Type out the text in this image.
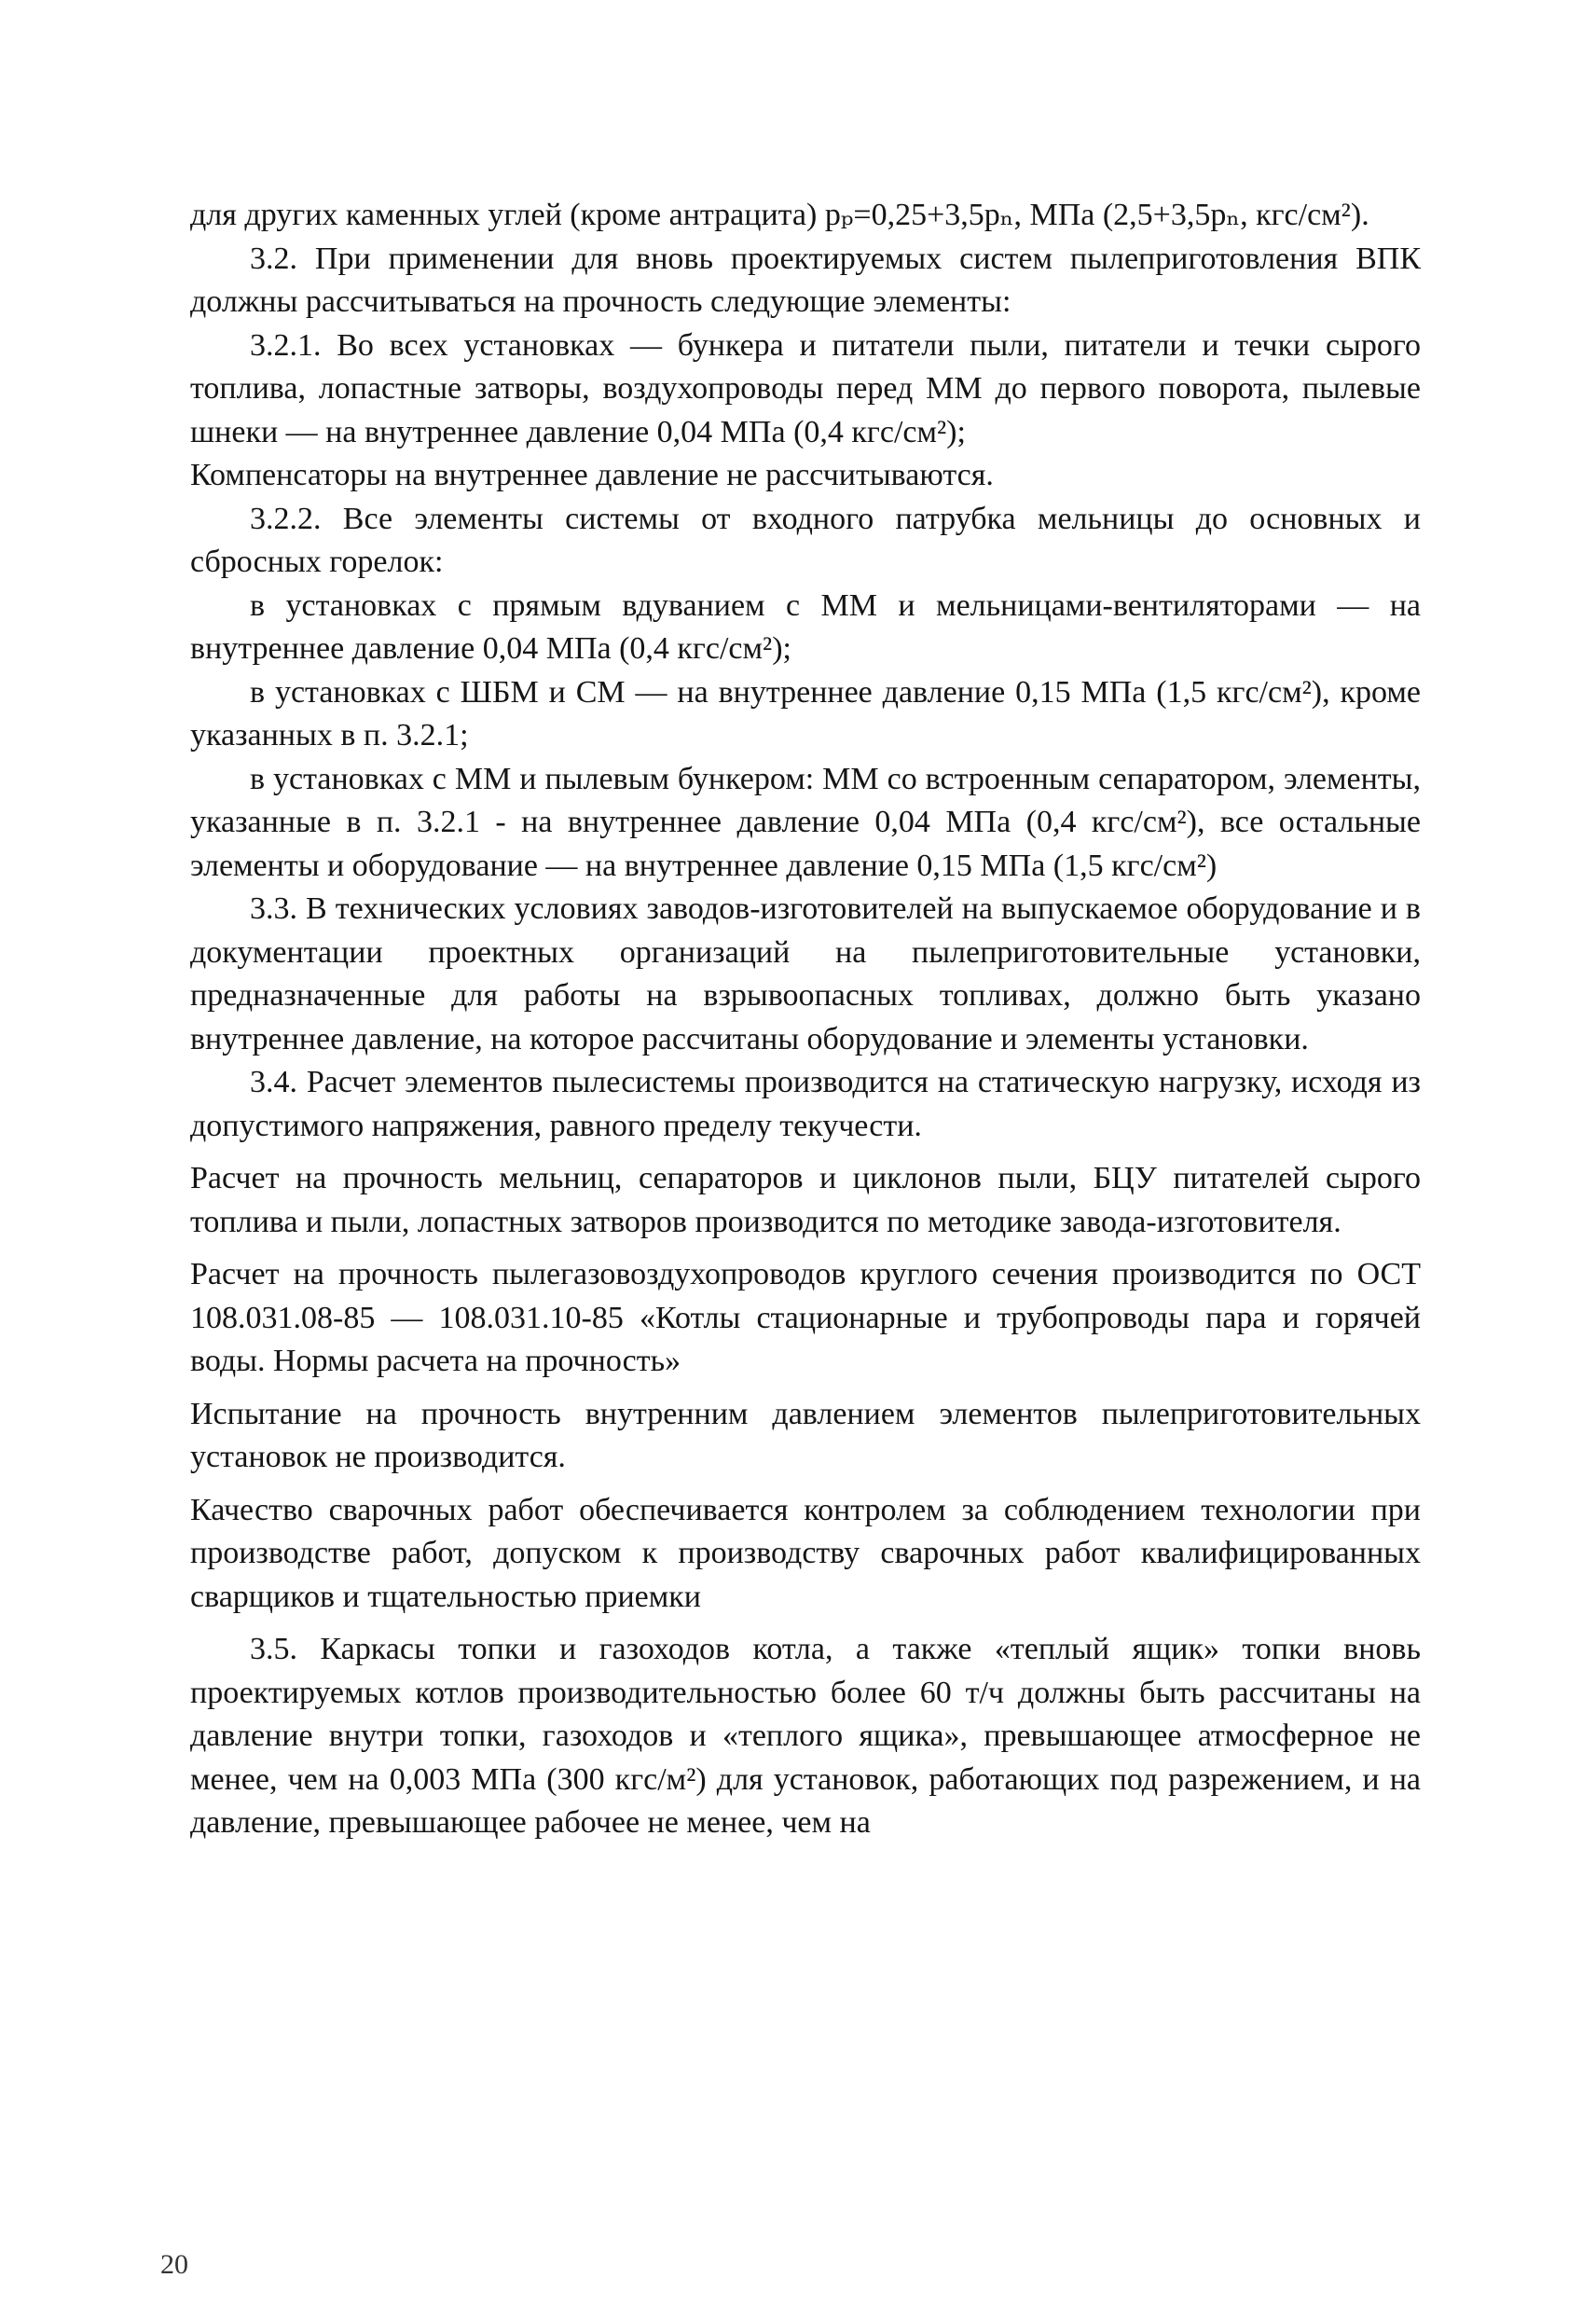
для других каменных углей (кроме антрацита) pₚ=0,25+3,5pₙ, МПа (2,5+3,5pₙ, кгс/см²).

3.2. При применении для вновь проектируемых систем пылеприготовления ВПК должны рассчитываться на прочность следующие элементы:

3.2.1. Во всех установках — бункера и питатели пыли, питатели и течки сырого топлива, лопастные затворы, воздухопроводы перед ММ до первого поворота, пылевые шнеки — на внутреннее давление 0,04 МПа (0,4 кгс/см²);

Компенсаторы на внутреннее давление не рассчитываются.

3.2.2. Все элементы системы от входного патрубка мельницы до основных и сбросных горелок:

в установках с прямым вдуванием с ММ и мельницами-вентиляторами — на внутреннее давление 0,04 МПа (0,4 кгс/см²);

в установках с ШБМ и СМ — на внутреннее давление 0,15 МПа (1,5 кгс/см²), кроме указанных в п. 3.2.1;

в установках с ММ и пылевым бункером: ММ со встроенным сепаратором, элементы, указанные в п. 3.2.1 - на внутреннее давление 0,04 МПа (0,4 кгс/см²), все остальные элементы и оборудование — на внутреннее давление 0,15 МПа (1,5 кгс/см²)

3.3. В технических условиях заводов-изготовителей на выпускаемое оборудование и в документации проектных организаций на пылеприготовительные установки, предназначенные для работы на взрывоопасных топливах, должно быть указано внутреннее давление, на которое рассчитаны оборудование и элементы установки.

3.4. Расчет элементов пылесистемы производится на статическую нагрузку, исходя из допустимого напряжения, равного пределу текучести.

Расчет на прочность мельниц, сепараторов и циклонов пыли, БЦУ питателей сырого топлива и пыли, лопастных затворов производится по методике завода-изготовителя.

Расчет на прочность пылегазовоздухопроводов круглого сечения производится по ОСТ 108.031.08-85 — 108.031.10-85 «Котлы стационарные и трубопроводы пара и горячей воды. Нормы расчета на прочность»

Испытание на прочность внутренним давлением элементов пылеприготовительных установок не производится.

Качество сварочных работ обеспечивается контролем за соблюдением технологии при производстве работ, допуском к производству сварочных работ квалифицированных сварщиков и тщательностью приемки

3.5. Каркасы топки и газоходов котла, а также «теплый ящик» топки вновь проектируемых котлов производительностью более 60 т/ч должны быть рассчитаны на давление внутри топки, газоходов и «теплого ящика», превышающее атмосферное не менее, чем на 0,003 МПа (300 кгс/м²) для установок, работающих под разрежением, и на давление, превышающее рабочее не менее, чем на

20
